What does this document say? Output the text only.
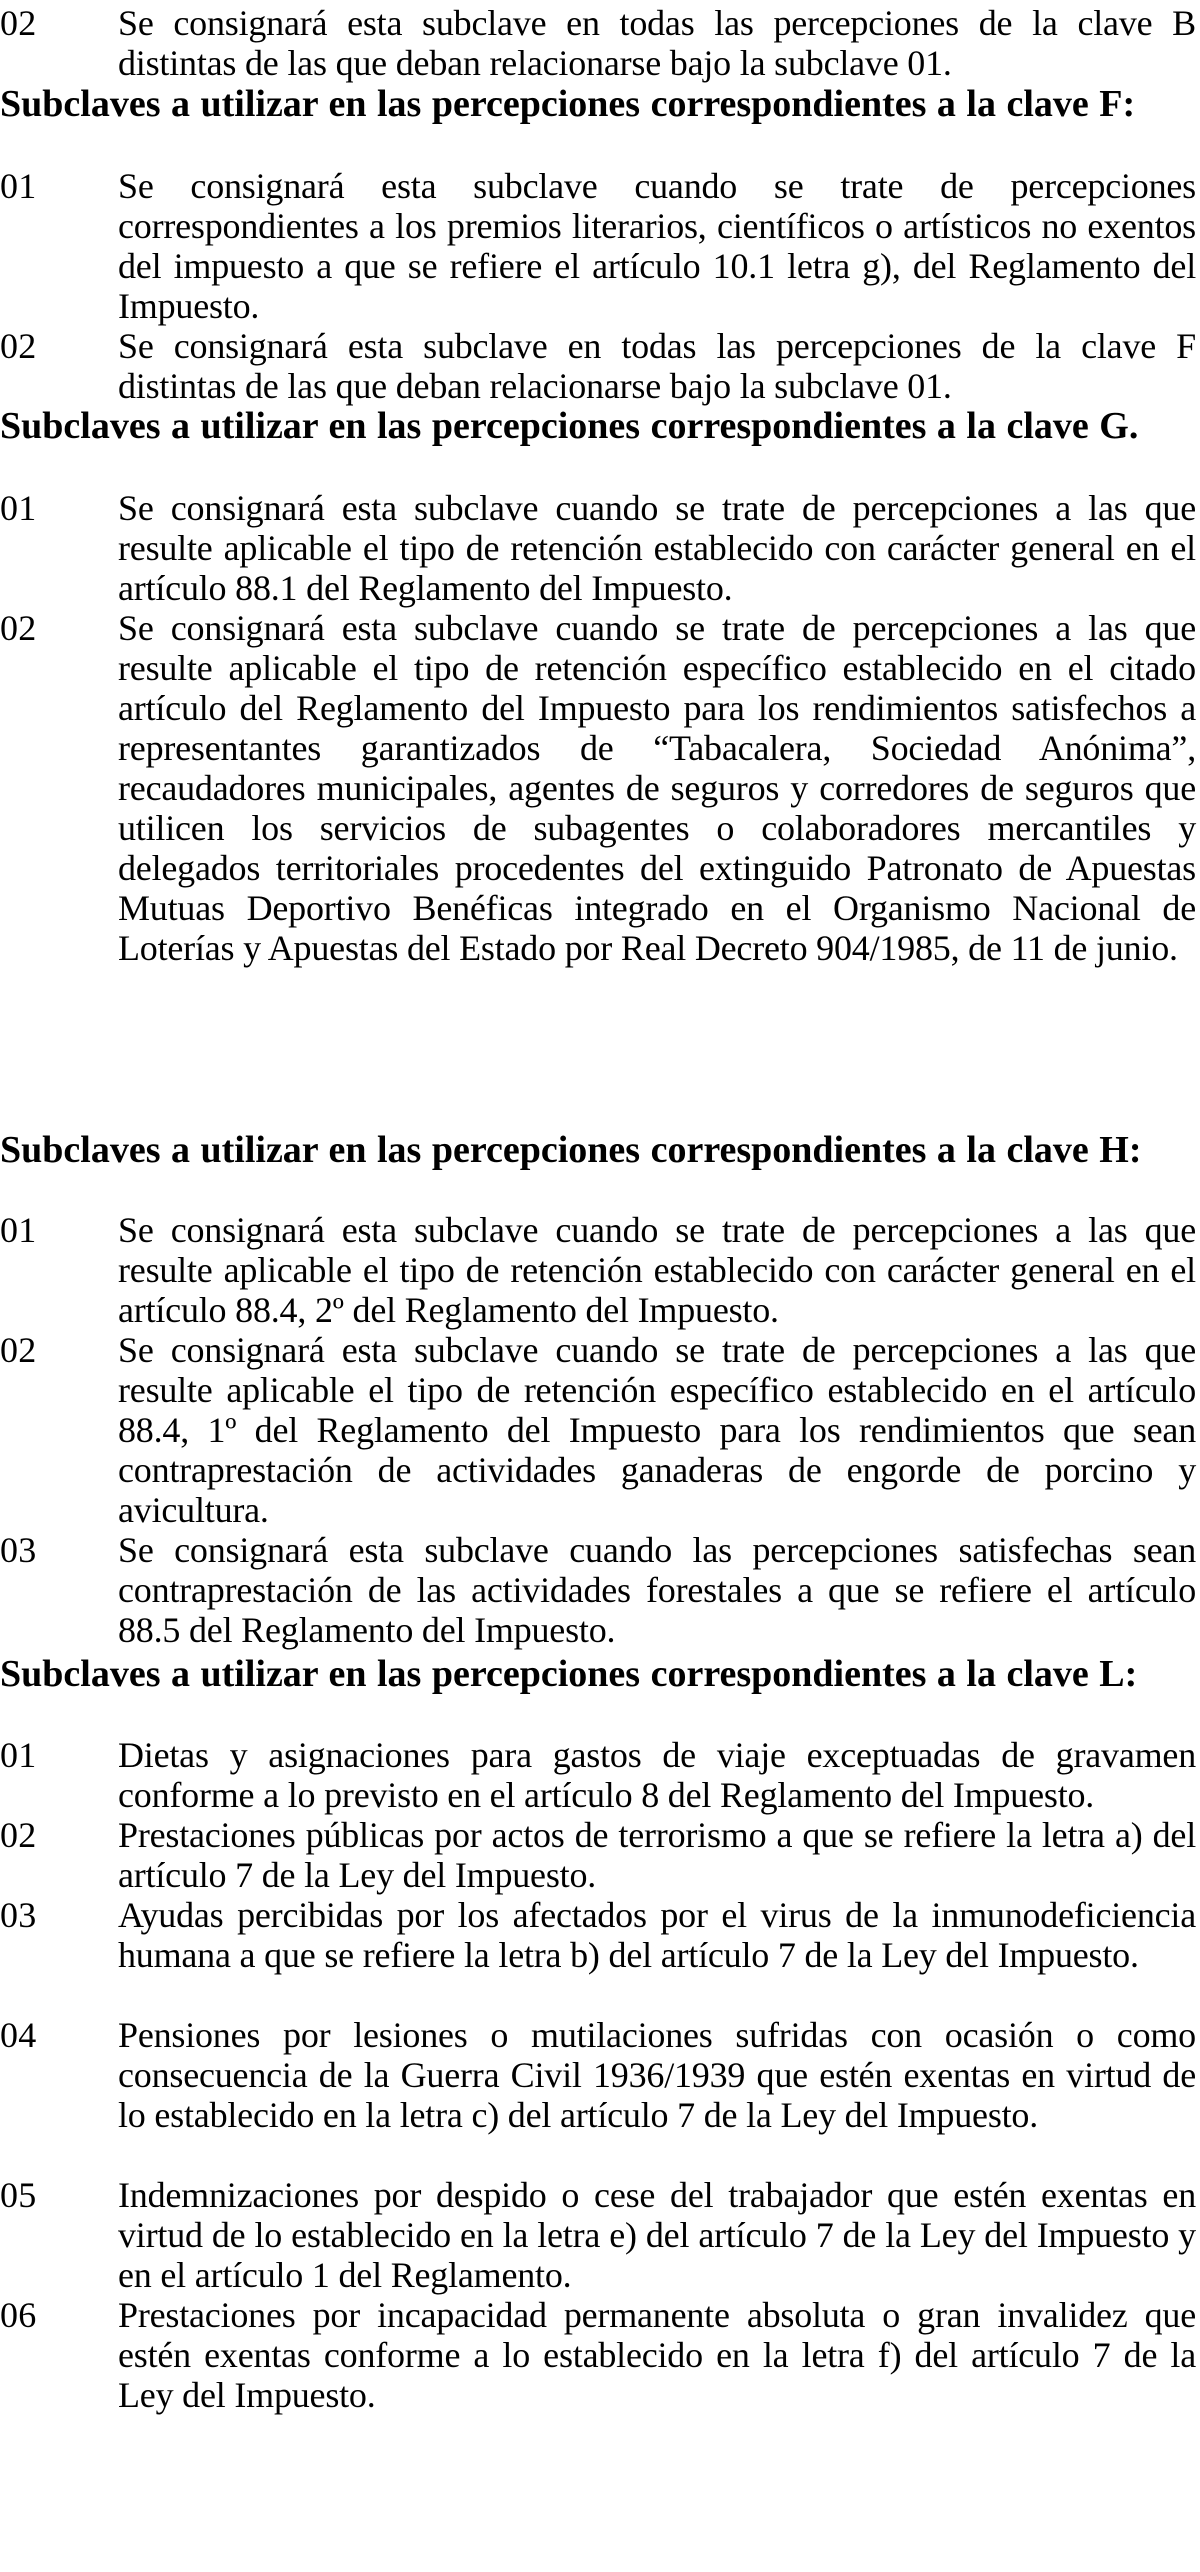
02	Se consignará esta subclave en todas las percepciones de la clave B distintas de las que deban relacionarse bajo la subclave 01.
Subclaves a utilizar en las percepciones correspondientes a la clave F:
01	Se consignará esta subclave cuando se trate de percepciones correspondientes a los premios literarios, científicos o artísticos no exentos del impuesto a que se refiere el artículo 10.1 letra g), del Reglamento del Impuesto.
02	Se consignará esta subclave en todas las percepciones de la clave F distintas de las que deban relacionarse bajo la subclave 01.
Subclaves a utilizar en las percepciones correspondientes a la clave G.
01	Se consignará esta subclave cuando se trate de percepciones a las que resulte aplicable el tipo de retención establecido con carácter general en el artículo 88.1 del Reglamento del Impuesto.
02	Se consignará esta subclave cuando se trate de percepciones a las que resulte aplicable el tipo de retención específico establecido en el citado artículo del Reglamento del Impuesto para los rendimientos satisfechos a representantes garantizados de “Tabacalera, Sociedad Anónima”, recaudadores municipales, agentes de seguros y corredores de seguros que utilicen los servicios de subagentes o colaboradores mercantiles y delegados territoriales procedentes del extinguido Patronato de Apuestas Mutuas Deportivo Benéficas integrado en el Organismo Nacional de Loterías y Apuestas del Estado por Real Decreto 904/1985, de 11 de junio.
Subclaves a utilizar en las percepciones correspondientes a la clave H:
01	Se consignará esta subclave cuando se trate de percepciones a las que resulte aplicable el tipo de retención establecido con carácter general en el artículo 88.4, 2º del Reglamento del Impuesto.
02	Se consignará esta subclave cuando se trate de percepciones a las que resulte aplicable el tipo de retención específico establecido en el artículo 88.4, 1º del Reglamento del Impuesto para los rendimientos que sean contraprestación de actividades ganaderas de engorde de porcino y avicultura.
03	Se consignará esta subclave cuando las percepciones satisfechas sean contraprestación de las actividades forestales a que se refiere el artículo 88.5 del Reglamento del Impuesto.
Subclaves a utilizar en las percepciones correspondientes a la clave L:
01	Dietas y asignaciones para gastos de viaje exceptuadas de gravamen conforme a lo previsto en el artículo 8 del Reglamento del Impuesto.
02	Prestaciones públicas por actos de terrorismo a que se refiere la letra a) del artículo 7 de la Ley del Impuesto.
03	Ayudas percibidas por los afectados por el virus de la inmunodeficiencia humana a que se refiere la letra b) del artículo 7 de la Ley del Impuesto.
04	Pensiones por lesiones o mutilaciones sufridas con ocasión o como consecuencia de la Guerra Civil 1936/1939 que estén exentas en virtud de lo establecido en la letra c) del artículo 7 de la Ley del Impuesto.
05	Indemnizaciones por despido o cese del trabajador que estén exentas en virtud de lo establecido en la letra e) del artículo 7 de la Ley del Impuesto y en el artículo 1 del Reglamento.
06	Prestaciones por incapacidad permanente absoluta o gran invalidez que estén exentas conforme a lo establecido en la letra f) del artículo 7 de la Ley del Impuesto.
